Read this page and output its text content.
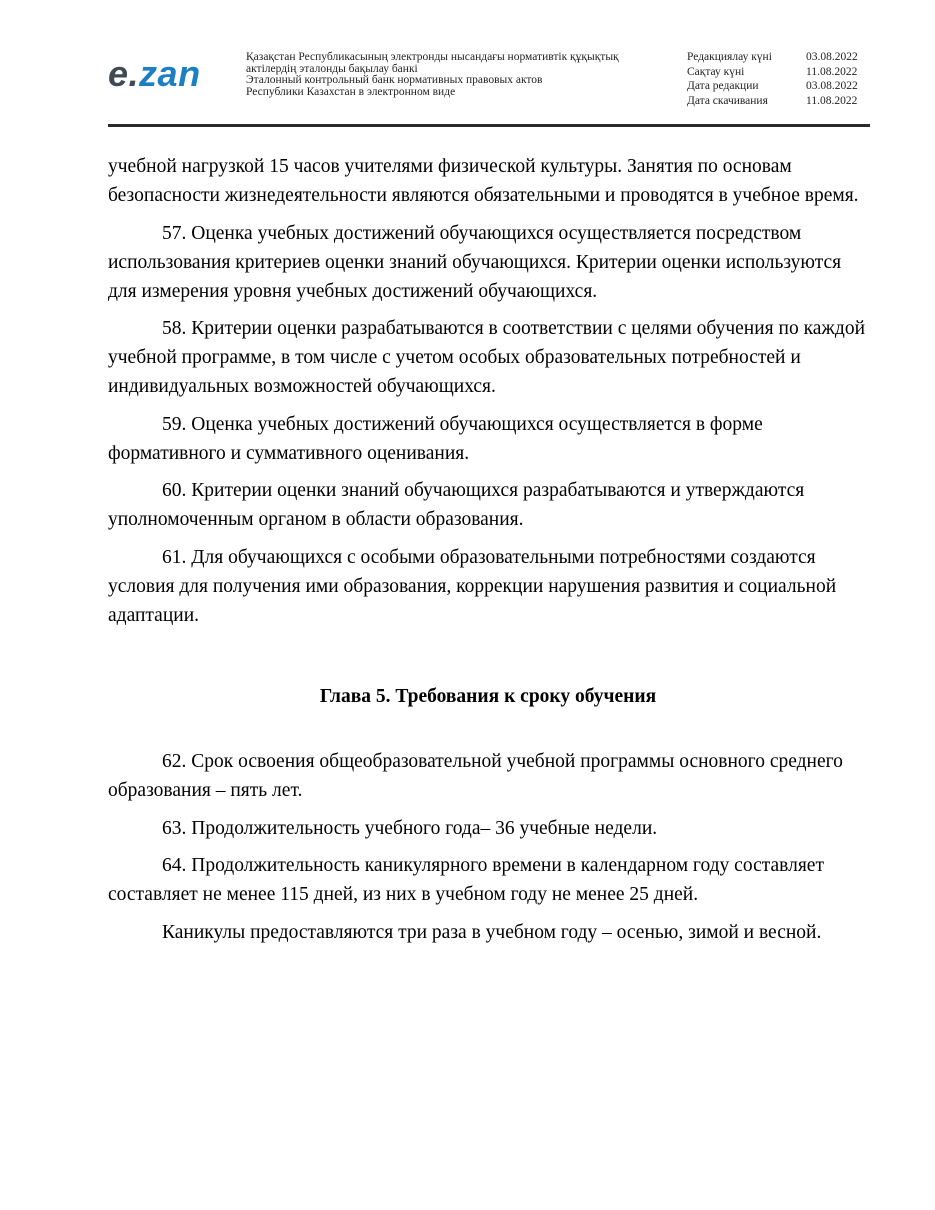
e.zan	Қазақстан Республикасының электронды нысандағы нормативтік құқықтық
актілердің эталонды бақылау банкі
Эталонный контрольный банк нормативных правовых актов
Республики Казахстан в электронном виде
Редакциялау күні	03.08.2022
Сақтау күні	11.08.2022
Дата редакции	03.08.2022
Дата скачивания	11.08.2022

учебной нагрузкой 15 часов учителями физической культуры. Занятия по основам безопасности жизнедеятельности являются обязательными и проводятся в учебное время.

57. Оценка учебных достижений обучающихся осуществляется посредством использования критериев оценки знаний обучающихся. Критерии оценки используются для измерения уровня учебных достижений обучающихся.

58. Критерии оценки разрабатываются в соответствии с целями обучения по каждой учебной программе, в том числе с учетом особых образовательных потребностей и индивидуальных возможностей обучающихся.

59. Оценка учебных достижений обучающихся осуществляется в форме формативного и суммативного оценивания.

60. Критерии оценки знаний обучающихся разрабатываются и утверждаются уполномоченным органом в области образования.

61. Для обучающихся с особыми образовательными потребностями создаются условия для получения ими образования, коррекции нарушения развития и социальной адаптации.

Глава 5. Требования к сроку обучения

62. Срок освоения общеобразовательной учебной программы основного среднего образования – пять лет.

63. Продолжительность учебного года– 36 учебные недели.

64. Продолжительность каникулярного времени в календарном году составляет составляет не менее 115 дней, из них в учебном году не менее 25 дней.

Каникулы предоставляются три раза в учебном году – осенью, зимой и весной.
